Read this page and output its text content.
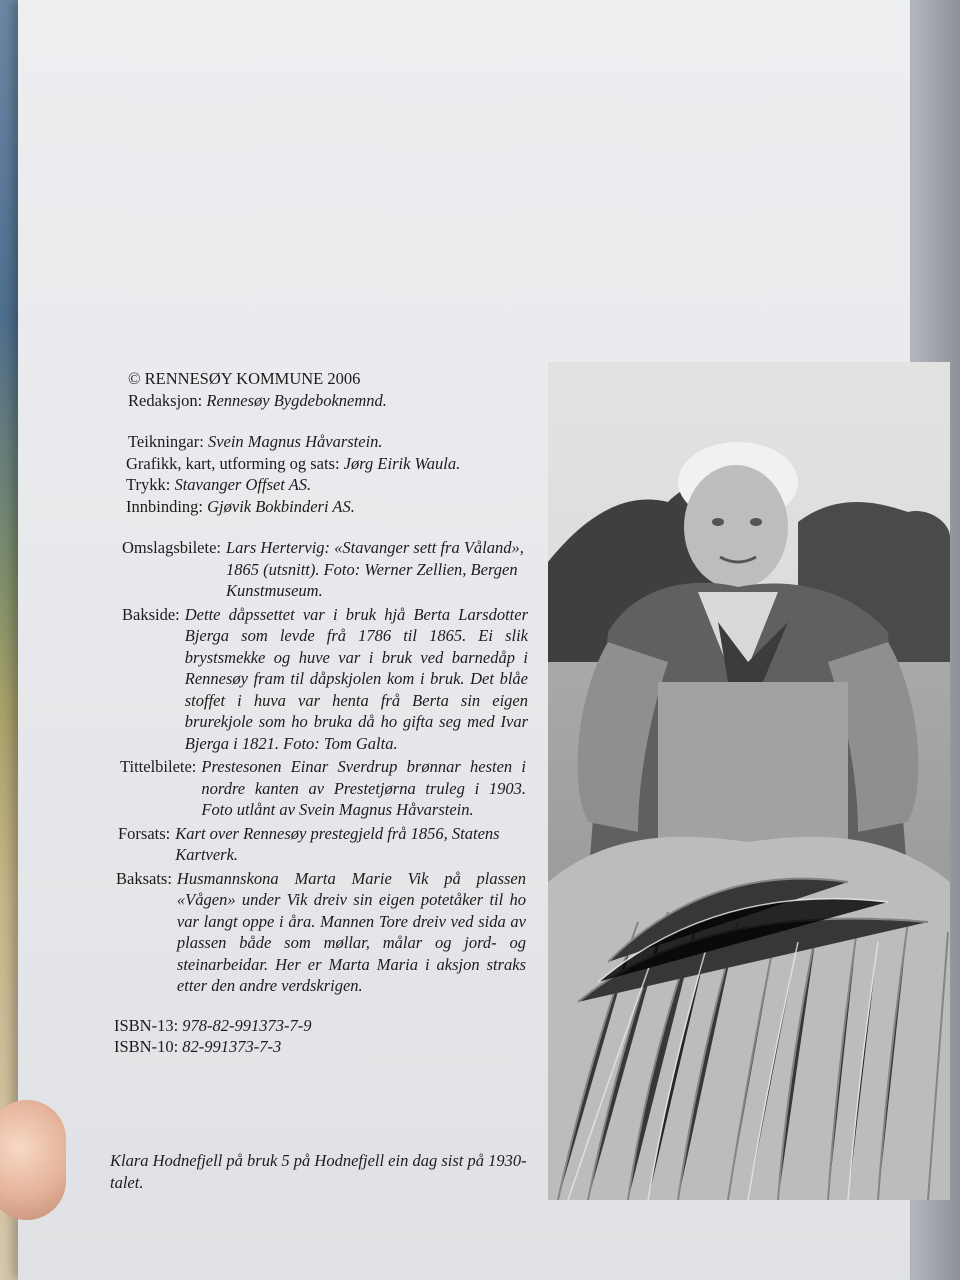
© RENNESØY KOMMUNE 2006
Redaksjon: Rennesøy Bygdeboknemnd.
Teikningar: Svein Magnus Håvarstein.
Grafikk, kart, utforming og sats: Jørg Eirik Waula.
Trykk: Stavanger Offset AS.
Innbinding: Gjøvik Bokbinderi AS.
Omslagsbilete: Lars Hertervig: «Stavanger sett fra Våland», 1865 (utsnitt). Foto: Werner Zellien, Bergen Kunstmuseum.
Bakside: Dette dåpssettet var i bruk hjå Berta Larsdotter Bjerga som levde frå 1786 til 1865. Ei slik brystsmekke og huve var i bruk ved barnedåp i Rennesøy fram til dåpskjolen kom i bruk. Det blåe stoffet i huva var henta frå Berta sin eigen brurekjole som ho bruka då ho gifta seg med Ivar Bjerga i 1821. Foto: Tom Galta.
Tittelbilete: Prestesonen Einar Sverdrup brønnar hesten i nordre kanten av Prestetjørna truleg i 1903. Foto utlånt av Svein Magnus Håvarstein.
Forsats: Kart over Rennesøy prestegjeld frå 1856, Statens Kartverk.
Baksats: Husmannskona Marta Marie Vik på plassen «Vågen» under Vik dreiv sin eigen potetåker til ho var langt oppe i åra. Mannen Tore dreiv ved sida av plassen både som møllar, målar og jord- og steinarbeidar. Her er Marta Maria i aksjon straks etter den andre verdskrigen.
ISBN-13: 978-82-991373-7-9
ISBN-10: 82-991373-7-3
Klara Hodnefjell på bruk 5 på Hodnefjell ein dag sist på 1930-talet.
